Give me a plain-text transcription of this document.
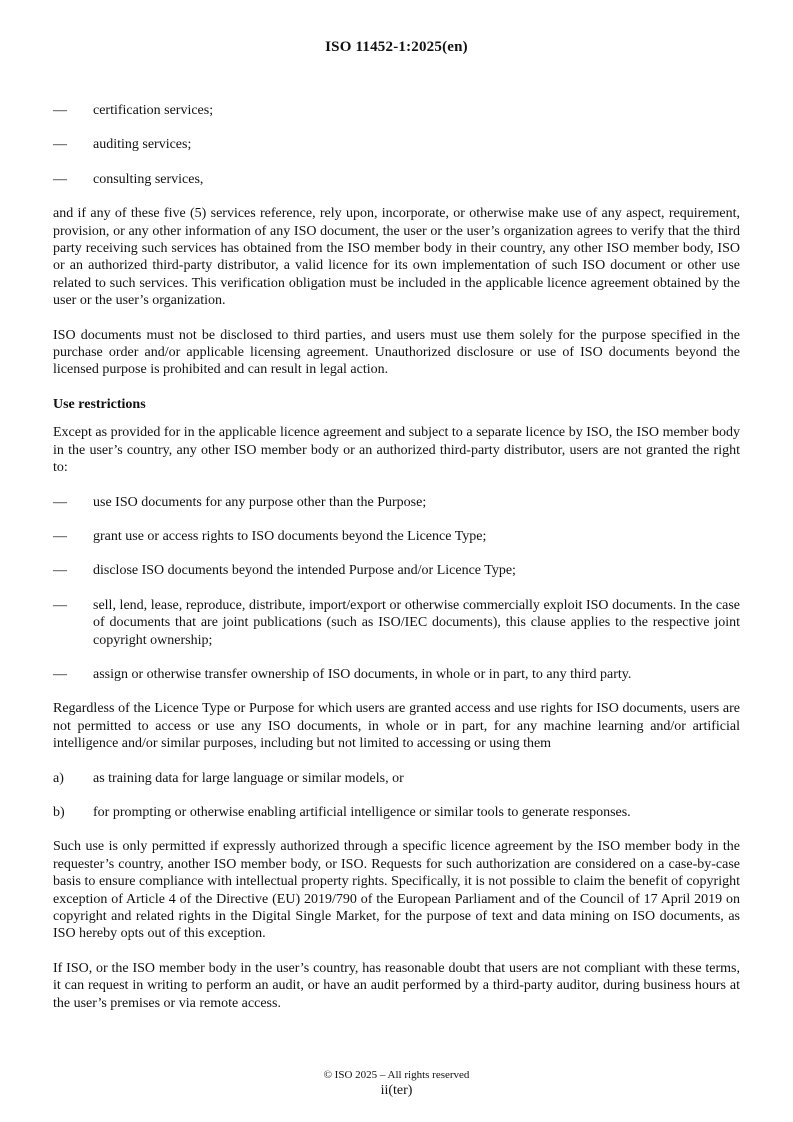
ISO 11452-1:2025(en)
—	certification services;
—	auditing services;
—	consulting services,

and if any of these five (5) services reference, rely upon, incorporate, or otherwise make use of any aspect, requirement, provision, or any other information of any ISO document, the user or the user’s organization agrees to verify that the third party receiving such services has obtained from the ISO member body in their country, any other ISO member body, ISO or an authorized third-party distributor, a valid licence for its own implementation of such ISO document or other use related to such services. This verification obligation must be included in the applicable licence agreement obtained by the user or the user’s organization.

ISO documents must not be disclosed to third parties, and users must use them solely for the purpose specified in the purchase order and/or applicable licensing agreement. Unauthorized disclosure or use of ISO documents beyond the licensed purpose is prohibited and can result in legal action.

Use restrictions

Except as provided for in the applicable licence agreement and subject to a separate licence by ISO, the ISO member body in the user’s country, any other ISO member body or an authorized third-party distributor, users are not granted the right to:

—	use ISO documents for any purpose other than the Purpose;
—	grant use or access rights to ISO documents beyond the Licence Type;
—	disclose ISO documents beyond the intended Purpose and/or Licence Type;
—	sell, lend, lease, reproduce, distribute, import/export or otherwise commercially exploit ISO documents. In the case of documents that are joint publications (such as ISO/IEC documents), this clause applies to the respective joint copyright ownership;
—	assign or otherwise transfer ownership of ISO documents, in whole or in part, to any third party.

Regardless of the Licence Type or Purpose for which users are granted access and use rights for ISO documents, users are not permitted to access or use any ISO documents, in whole or in part, for any machine learning and/or artificial intelligence and/or similar purposes, including but not limited to accessing or using them

a)	as training data for large language or similar models, or
b)	for prompting or otherwise enabling artificial intelligence or similar tools to generate responses.

Such use is only permitted if expressly authorized through a specific licence agreement by the ISO member body in the requester’s country, another ISO member body, or ISO. Requests for such authorization are considered on a case-by-case basis to ensure compliance with intellectual property rights. Specifically, it is not possible to claim the benefit of copyright exception of Article 4 of the Directive (EU) 2019/790 of the European Parliament and of the Council of 17 April 2019 on copyright and related rights in the Digital Single Market, for the purpose of text and data mining on ISO documents, as ISO hereby opts out of this exception.

If ISO, or the ISO member body in the user’s country, has reasonable doubt that users are not compliant with these terms, it can request in writing to perform an audit, or have an audit performed by a third-party auditor, during business hours at the user’s premises or via remote access.

© ISO 2025 – All rights reserved
ii(ter)
